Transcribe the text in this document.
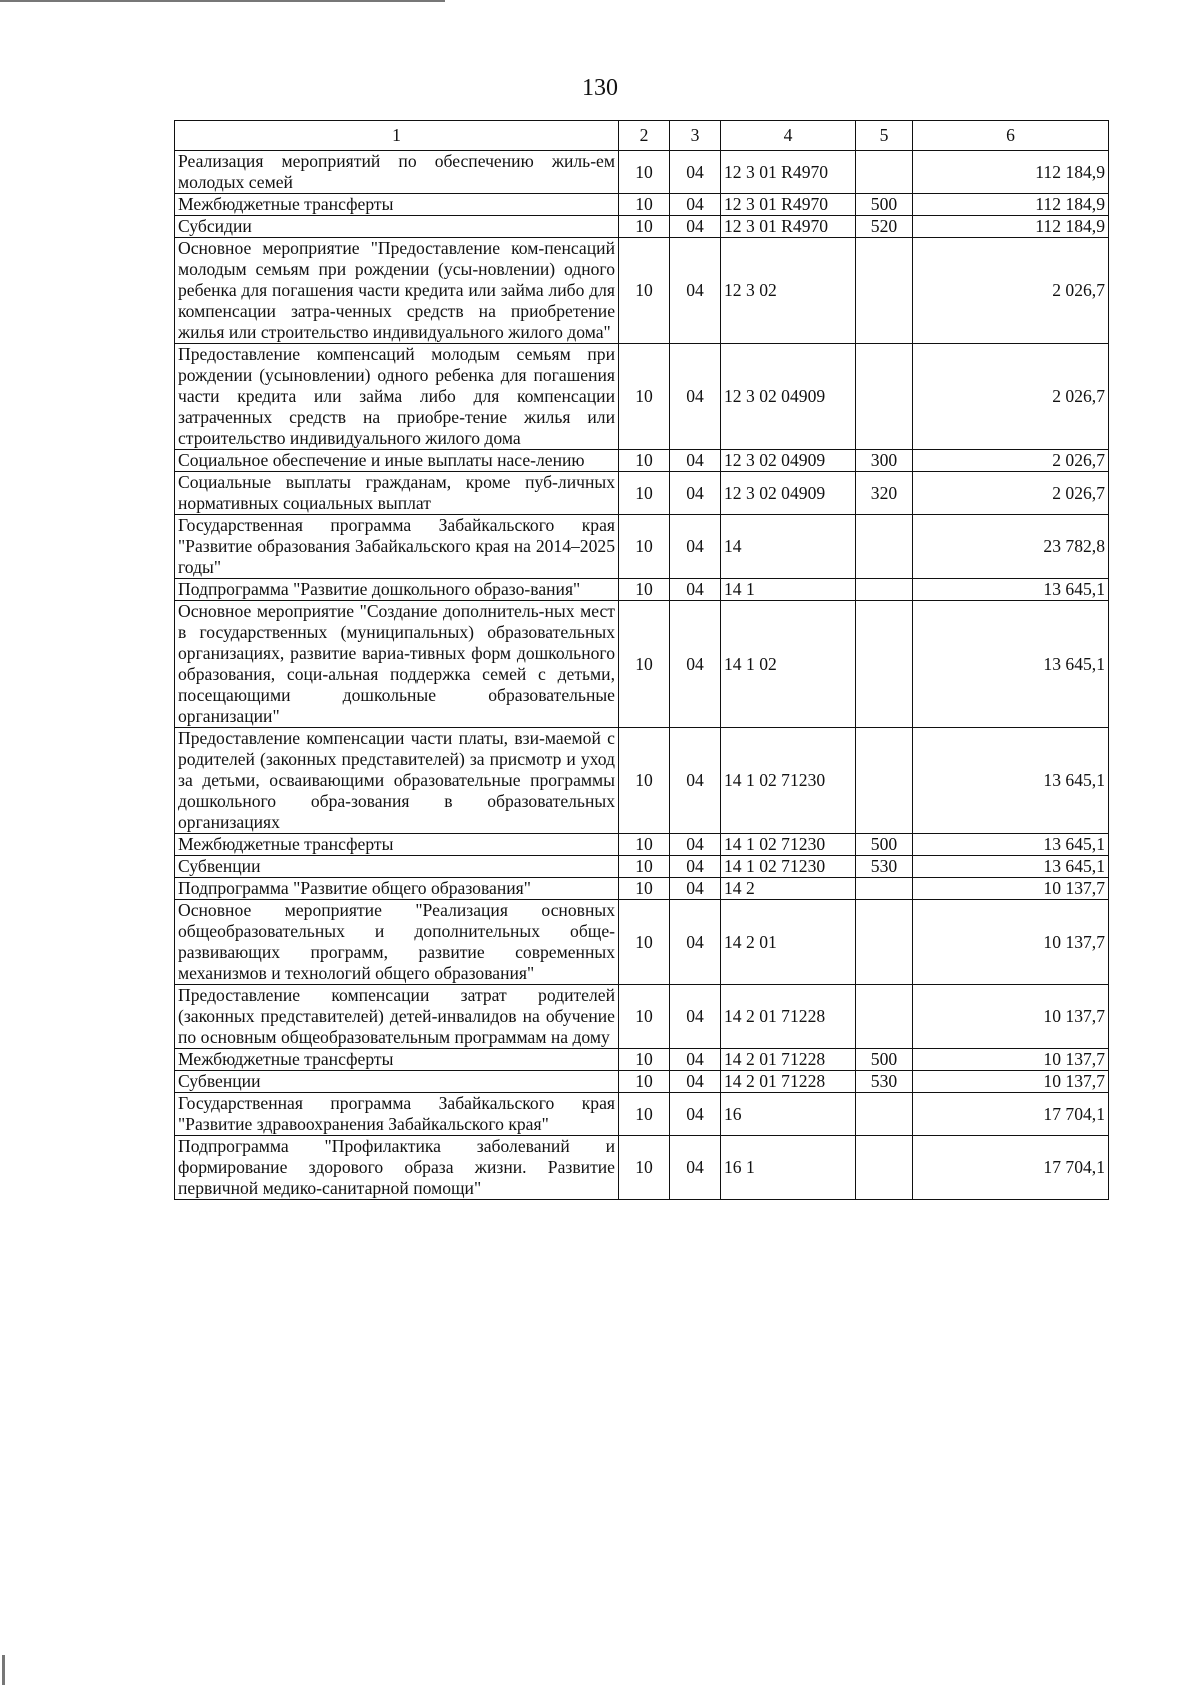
130
1	2	3	4	5	6
Реализация мероприятий по обеспечению жиль-ем молодых семей	10	04	12 3 01 R4970		112 184,9
Межбюджетные трансферты	10	04	12 3 01 R4970	500	112 184,9
Субсидии	10	04	12 3 01 R4970	520	112 184,9
Основное мероприятие "Предоставление ком-пенсаций молодым семьям при рождении (усы-новлении) одного ребенка для погашения части кредита или займа либо для компенсации затра-ченных средств на приобретение жилья или строительство индивидуального жилого дома"	10	04	12 3 02		2 026,7
Предоставление компенсаций молодым семьям при рождении (усыновлении) одного ребенка для погашения части кредита или займа либо для компенсации затраченных средств на приобре-тение жилья или строительство индивидуального жилого дома	10	04	12 3 02 04909		2 026,7
Социальное обеспечение и иные выплаты насе-лению	10	04	12 3 02 04909	300	2 026,7
Социальные выплаты гражданам, кроме пуб-личных нормативных социальных выплат	10	04	12 3 02 04909	320	2 026,7
Государственная программа Забайкальского края "Развитие образования Забайкальского края на 2014–2025 годы"	10	04	14		23 782,8
Подпрограмма "Развитие дошкольного образо-вания"	10	04	14 1		13 645,1
Основное мероприятие "Создание дополнитель-ных мест в государственных (муниципальных) образовательных организациях, развитие вариа-тивных форм дошкольного образования, соци-альная поддержка семей с детьми, посещающими дошкольные образовательные организации"	10	04	14 1 02		13 645,1
Предоставление компенсации части платы, взи-маемой с родителей (законных представителей) за присмотр и уход за детьми, осваивающими образовательные программы дошкольного обра-зования в образовательных организациях	10	04	14 1 02 71230		13 645,1
Межбюджетные трансферты	10	04	14 1 02 71230	500	13 645,1
Субвенции	10	04	14 1 02 71230	530	13 645,1
Подпрограмма "Развитие общего образования"	10	04	14 2		10 137,7
Основное мероприятие "Реализация основных общеобразовательных и дополнительных обще-развивающих программ, развитие современных механизмов и технологий общего образования"	10	04	14 2 01		10 137,7
Предоставление компенсации затрат родителей (законных представителей) детей-инвалидов на обучение по основным общеобразовательным программам на дому	10	04	14 2 01 71228		10 137,7
Межбюджетные трансферты	10	04	14 2 01 71228	500	10 137,7
Субвенции	10	04	14 2 01 71228	530	10 137,7
Государственная программа Забайкальского края "Развитие здравоохранения Забайкальского края"	10	04	16		17 704,1
Подпрограмма "Профилактика заболеваний и формирование здорового образа жизни. Развитие первичной медико-санитарной помощи"	10	04	16 1		17 704,1
